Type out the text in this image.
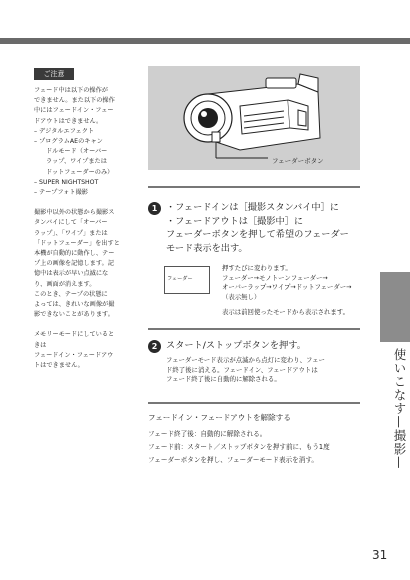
ご注意

フェード中は以下の操作が

できません。また以下の操作

中にはフェードイン・フェー

ドアウトはできません。

– デジタルエフェクト

– プログラムAEのキャン

ドルモード（オーバー

ラップ、ワイプまたは

ドットフェーダーのみ）

– SUPER NIGHTSHOT

– テープフォト撮影

撮影中以外の状態から撮影ス

タンバイにして「オーバー

ラップ」、「ワイプ」または

「ドットフェーダー」を出すと

本機が自動的に動作し、テー

プ上の画像を記憶します。記

憶中は表示が早い点滅にな

り、画面が消えます。

このとき、テープの状態に

よっては、きれいな画像が撮

影できないことがあります。

メモリーモードにしていると

きは

フェードイン・フェードアウ

トはできません。

フェーダーボタン
1 ・フェードインは［撮影スタンバイ中］に

・フェードアウトは［撮影中］に

フェーダーボタンを押して希望のフェーダー

モード表示を出す。

フェーダー

押すたびに変わります。

フェーダー→モノトーンフェーダー→

オーバーラップ→ワイプ→ドットフェーダー→

（表示無し）

表示は前回使ったモードから表示されます。
2 スタート/ストップボタンを押す。

フェーダーモード表示が点滅から点灯に変わり、フェー

ド終了後に消える。フェードイン、フェードアウトは

フェード終了後に自動的に解除される。

フェードイン・フェードアウトを解除する

フェード終了後：自動的に解除される。

フェード前：スタート／ストップボタンを押す前に、もう1度

フェーダーボタンを押し、フェーダーモード表示を消す。	使いこなす—撮影—
31
